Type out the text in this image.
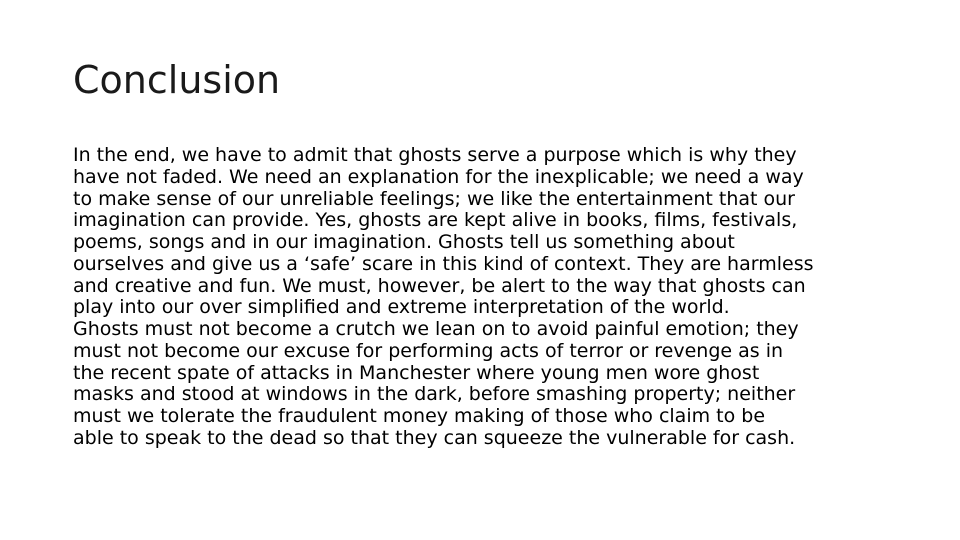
Conclusion

In the end, we have to admit that ghosts serve a purpose which is why they
have not faded. We need an explanation for the inexplicable; we need a way
to make sense of our unreliable feelings; we like the entertainment that our
imagination can provide. Yes, ghosts are kept alive in books, films, festivals,
poems, songs and in our imagination. Ghosts tell us something about
ourselves and give us a ‘safe’ scare in this kind of context. They are harmless
and creative and fun. We must, however, be alert to the way that ghosts can
play into our over simplified and extreme interpretation of the world.
Ghosts must not become a crutch we lean on to avoid painful emotion; they
must not become our excuse for performing acts of terror or revenge as in
the recent spate of attacks in Manchester where young men wore ghost
masks and stood at windows in the dark, before smashing property; neither
must we tolerate the fraudulent money making of those who claim to be
able to speak to the dead so that they can squeeze the vulnerable for cash.
